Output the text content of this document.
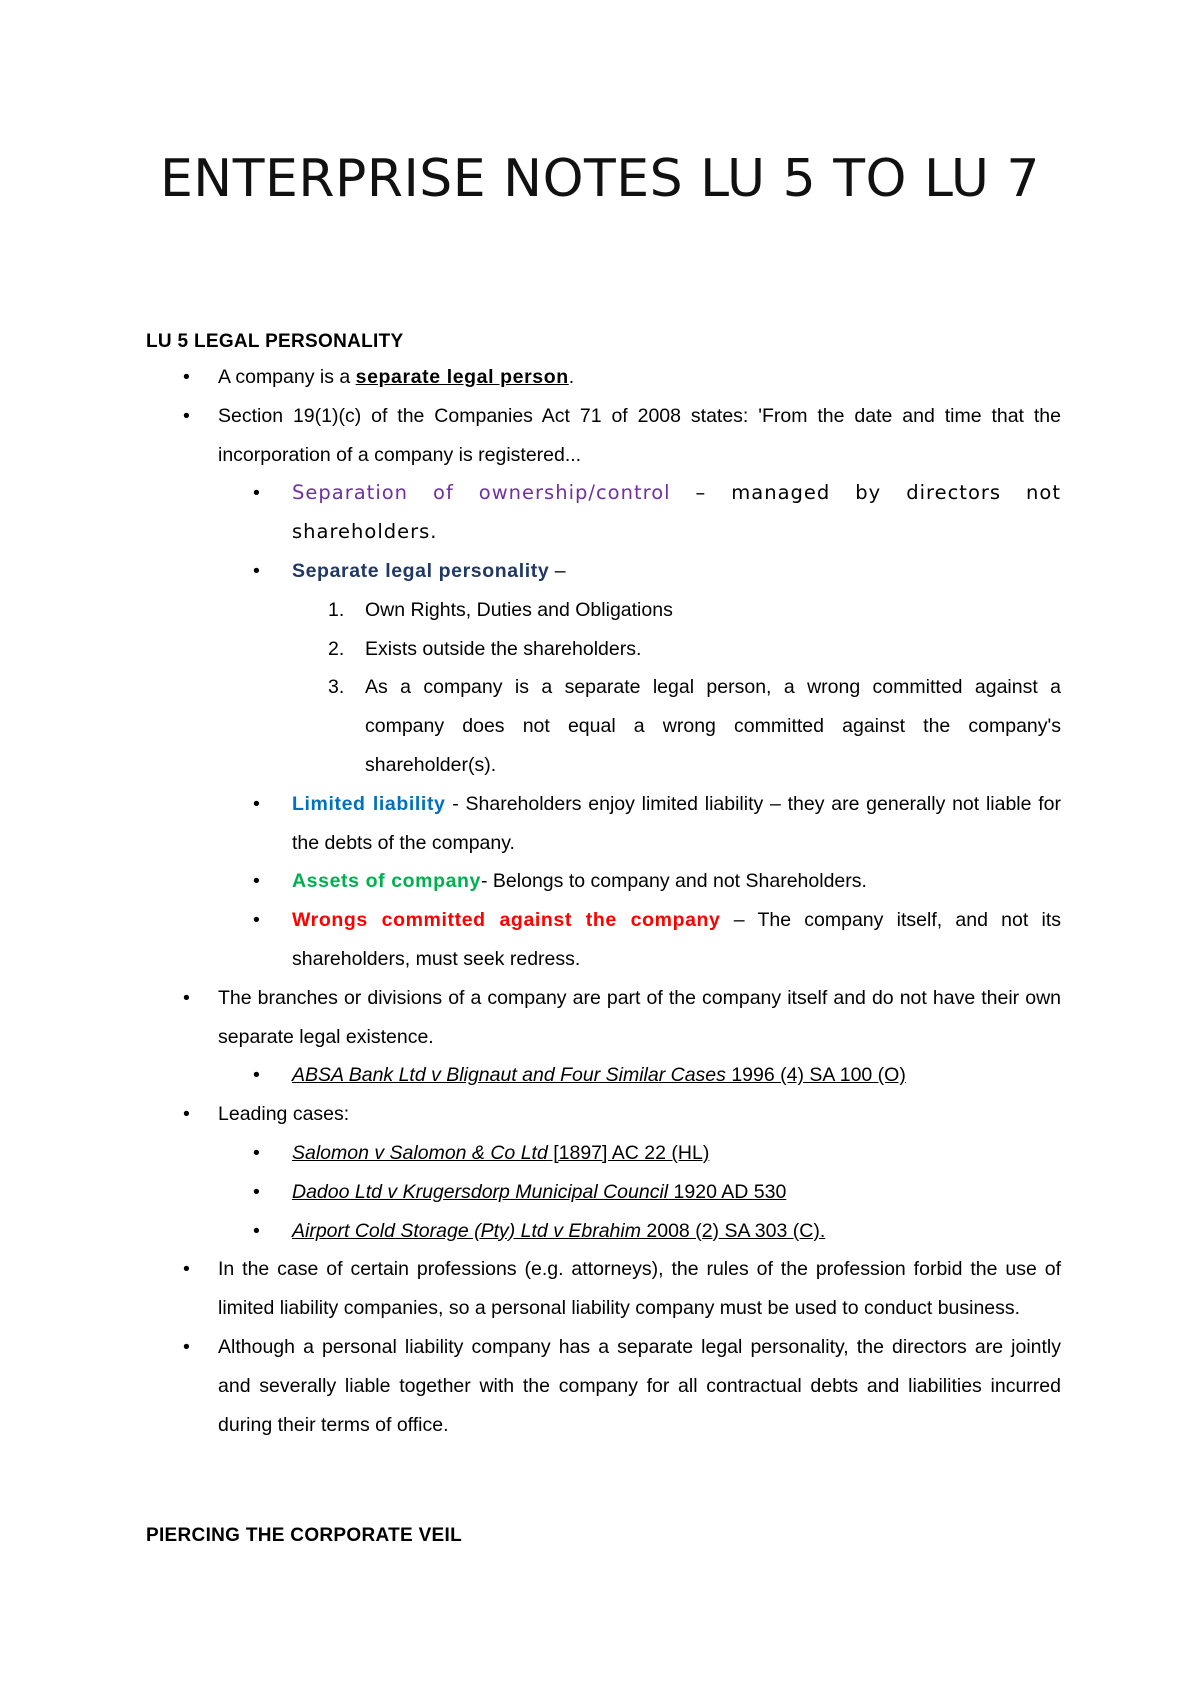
ENTERPRISE NOTES LU 5 TO LU 7
LU 5 LEGAL PERSONALITY
• A company is a separate legal person.
• Section 19(1)(c) of the Companies Act 71 of 2008 states: 'From the date and time that the incorporation of a company is registered...
• Separation of ownership/control – managed by directors not shareholders.
• Separate legal personality –
1. Own Rights, Duties and Obligations
2. Exists outside the shareholders.
3. As a company is a separate legal person, a wrong committed against a company does not equal a wrong committed against the company's shareholder(s).
• Limited liability - Shareholders enjoy limited liability – they are generally not liable for the debts of the company.
• Assets of company- Belongs to company and not Shareholders.
• Wrongs committed against the company – The company itself, and not its shareholders, must seek redress.
• The branches or divisions of a company are part of the company itself and do not have their own separate legal existence.
• ABSA Bank Ltd v Blignaut and Four Similar Cases 1996 (4) SA 100 (O)
• Leading cases:
• Salomon v Salomon & Co Ltd [1897] AC 22 (HL)
• Dadoo Ltd v Krugersdorp Municipal Council 1920 AD 530
• Airport Cold Storage (Pty) Ltd v Ebrahim 2008 (2) SA 303 (C).
• In the case of certain professions (e.g. attorneys), the rules of the profession forbid the use of limited liability companies, so a personal liability company must be used to conduct business.
• Although a personal liability company has a separate legal personality, the directors are jointly and severally liable together with the company for all contractual debts and liabilities incurred during their terms of office.
PIERCING THE CORPORATE VEIL
